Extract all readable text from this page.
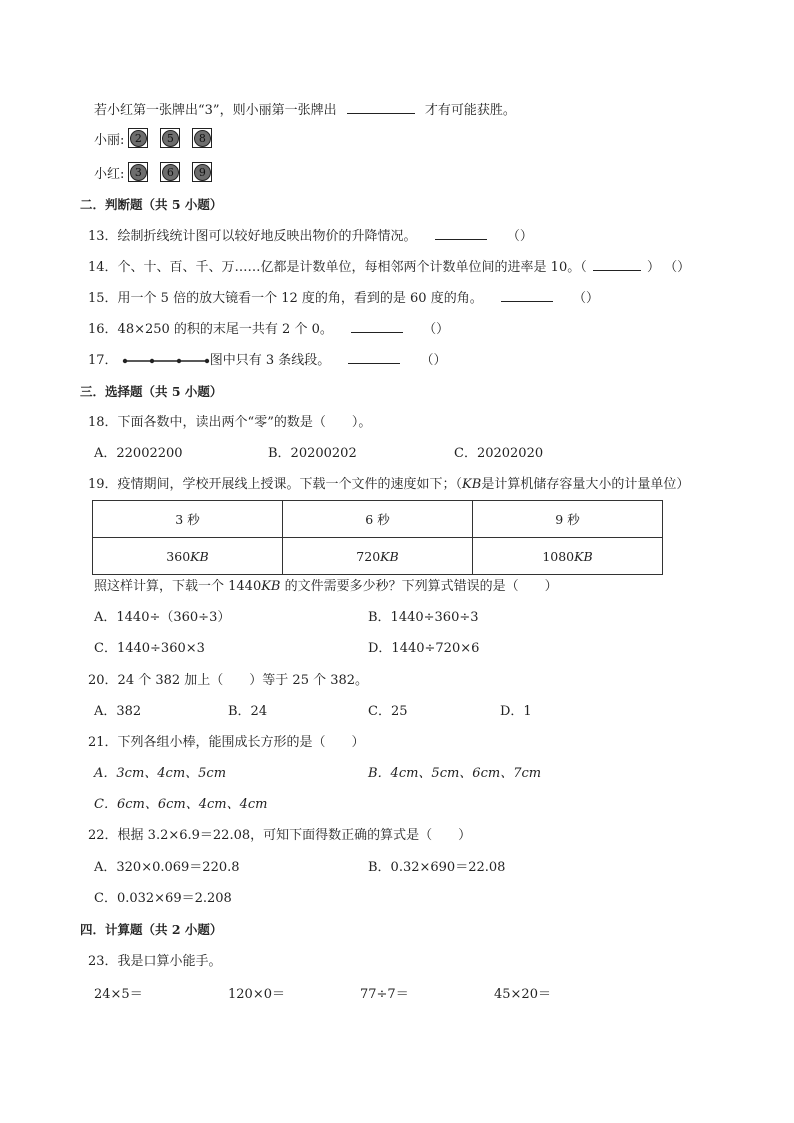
若小红第一张牌出“3”，则小丽第一张牌出	才有可能获胜。
小丽: 2	5	8
小红: 3	6	9
二．判断题（共 5 小题）
13．绘制折线统计图可以较好地反映出物价的升降情况。	（）
14．个、十、百、千、万……亿都是计数单位，每相邻两个计数单位间的进率是 10。（	） （）
15．用一个 5 倍的放大镜看一个 12 度的角，看到的是 60 度的角。	（）
16．48×250 的积的末尾一共有 2 个 0。	（）
17．	图中只有 3 条线段。	（）
三．选择题（共 5 小题）
18．下面各数中，读出两个“零”的数是（　　）。
A．22002200	B．20200202	C．20202020
19．疫情期间，学校开展线上授课。下载一个文件的速度如下；（KB是计算机储存容量大小的计量单位）
3 秒	6 秒	9 秒
360KB	720KB	1080KB
照这样计算，下载一个 1440KB 的文件需要多少秒？下列算式错误的是（　　）
A．1440÷（360÷3）	B．1440÷360÷3
C．1440÷360×3	D．1440÷720×6
20．24 个 382 加上（　　）等于 25 个 382。
A．382	B．24	C．25	D．1
21．下列各组小棒，能围成长方形的是（　　）
A．3cm、4cm、5cm	B．4cm、5cm、6cm、7cm
C．6cm、6cm、4cm、4cm
22．根据 3.2×6.9＝22.08，可知下面得数正确的算式是（　　）
A．320×0.069＝220.8	B．0.32×690＝22.08
C．0.032×69＝2.208
四．计算题（共 2 小题）
23．我是口算小能手。
24×5＝	120×0＝	77÷7＝	45×20＝
